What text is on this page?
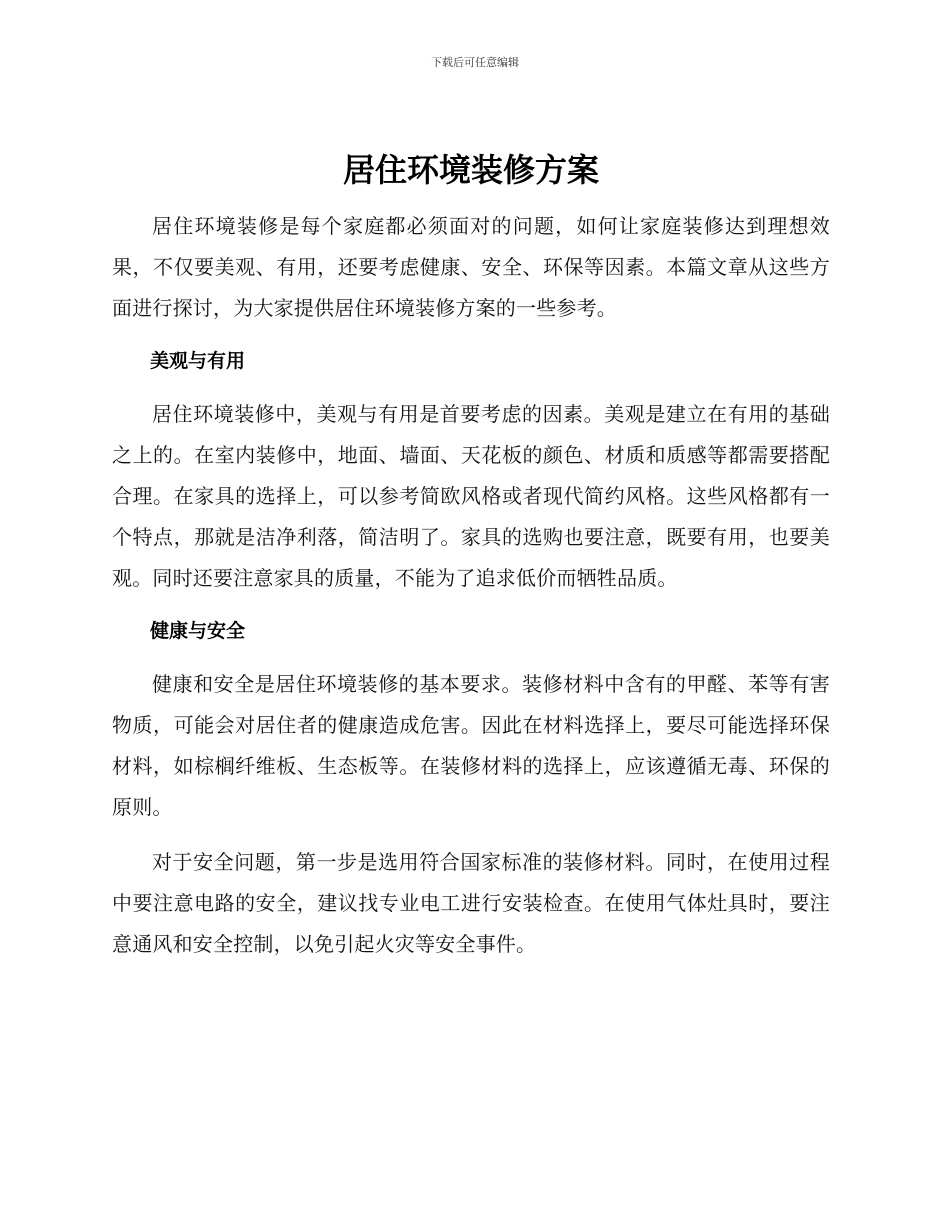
下载后可任意编辑
居住环境装修方案

居住环境装修是每个家庭都必须面对的问题，如何让家庭装修达到理想效果，不仅要美观、有用，还要考虑健康、安全、环保等因素。本篇文章从这些方面进行探讨，为大家提供居住环境装修方案的一些参考。

美观与有用

居住环境装修中，美观与有用是首要考虑的因素。美观是建立在有用的基础之上的。在室内装修中，地面、墙面、天花板的颜色、材质和质感等都需要搭配合理。在家具的选择上，可以参考简欧风格或者现代简约风格。这些风格都有一个特点，那就是洁净利落，简洁明了。家具的选购也要注意，既要有用，也要美观。同时还要注意家具的质量，不能为了追求低价而牺牲品质。

健康与安全

健康和安全是居住环境装修的基本要求。装修材料中含有的甲醛、苯等有害物质，可能会对居住者的健康造成危害。因此在材料选择上，要尽可能选择环保材料，如棕榈纤维板、生态板等。在装修材料的选择上，应该遵循无毒、环保的原则。

对于安全问题，第一步是选用符合国家标准的装修材料。同时，在使用过程中要注意电路的安全，建议找专业电工进行安装检查。在使用气体灶具时，要注意通风和安全控制，以免引起火灾等安全事件。
